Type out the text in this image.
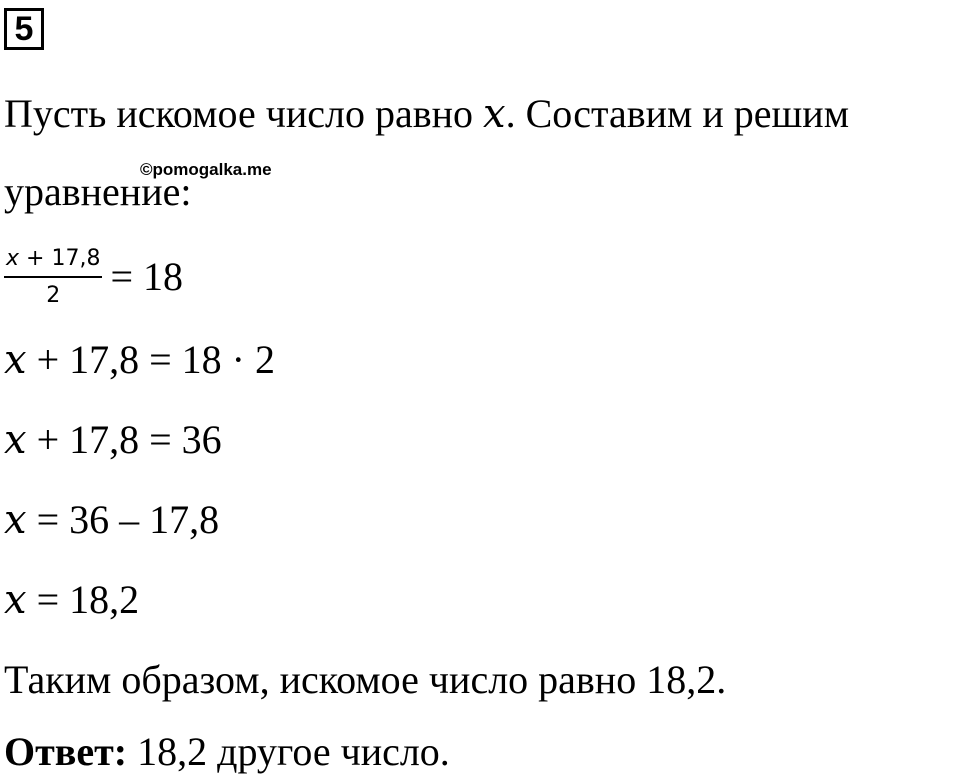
5
Пусть искомое число равно x. Составим и решим
©pomogalka.me
уравнение:
$\frac{x + 17,8}{2} = 18$
x + 17,8 = 18 · 2
x + 17,8 = 36
x = 36 – 17,8
x = 18,2
Таким образом, искомое число равно 18,2.
Ответ: 18,2 другое число.
